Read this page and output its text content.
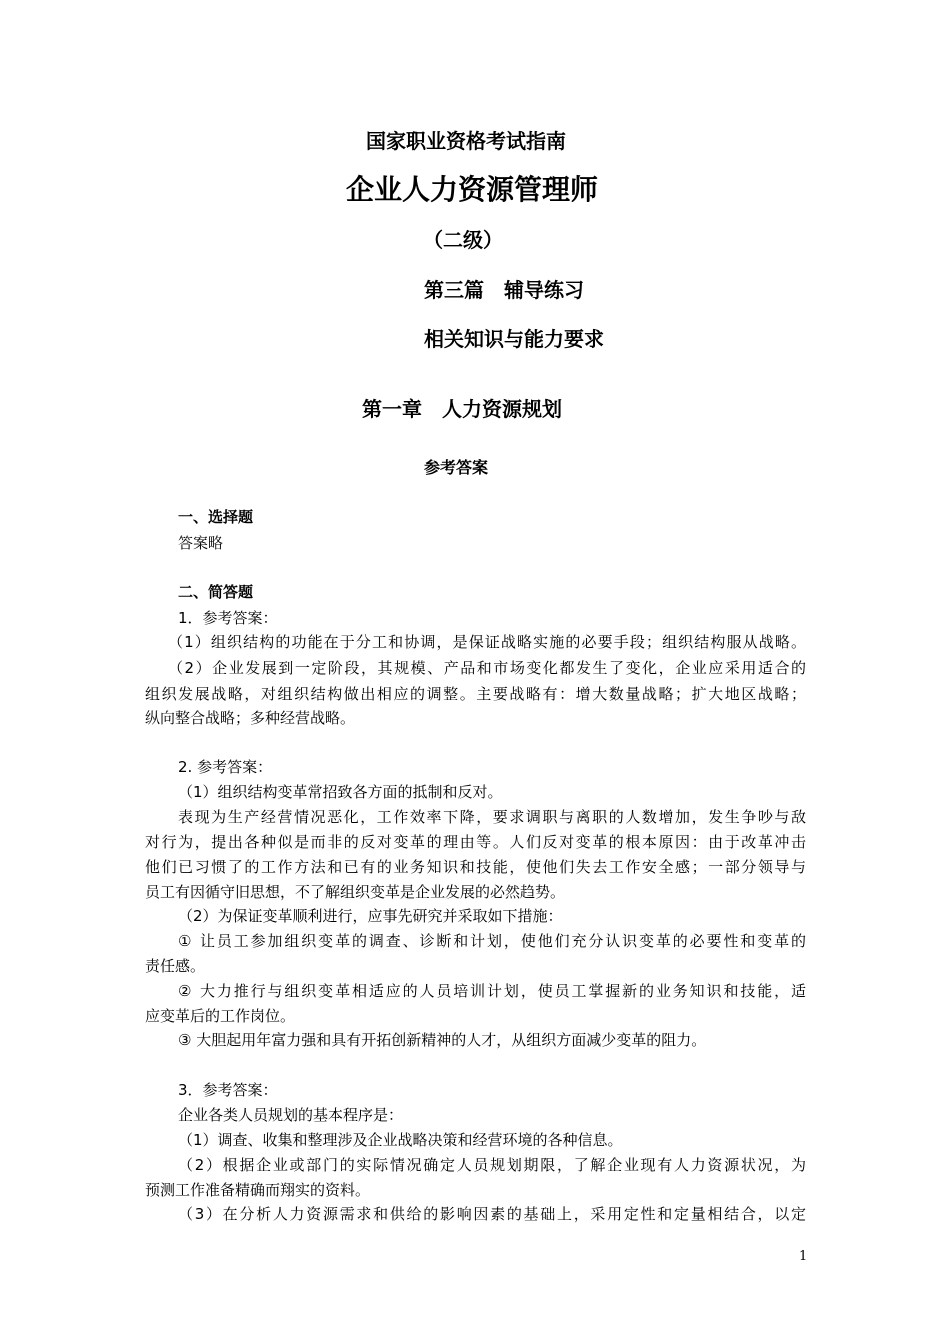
国家职业资格考试指南
企业人力资源管理师
（二级）
第三篇　辅导练习
相关知识与能力要求
第一章　人力资源规划
参考答案
一、选择题
答案略
二、简答题
1．参考答案：
（1）组织结构的功能在于分工和协调，是保证战略实施的必要手段；组织结构服从战略。
（2）企业发展到一定阶段，其规模、产品和市场变化都发生了变化，企业应采用适合的
组织发展战略，对组织结构做出相应的调整。主要战略有：增大数量战略；扩大地区战略；
纵向整合战略；多种经营战略。
2. 参考答案：
（1）组织结构变革常招致各方面的抵制和反对。
表现为生产经营情况恶化，工作效率下降，要求调职与离职的人数增加，发生争吵与敌
对行为，提出各种似是而非的反对变革的理由等。人们反对变革的根本原因：由于改革冲击
他们已习惯了的工作方法和已有的业务知识和技能，使他们失去工作安全感；一部分领导与
员工有因循守旧思想，不了解组织变革是企业发展的必然趋势。
（2）为保证变革顺利进行，应事先研究并采取如下措施：
① 让员工参加组织变革的调查、诊断和计划，使他们充分认识变革的必要性和变革的
责任感。
② 大力推行与组织变革相适应的人员培训计划，使员工掌握新的业务知识和技能，适
应变革后的工作岗位。
③ 大胆起用年富力强和具有开拓创新精神的人才，从组织方面减少变革的阻力。
3．参考答案：
企业各类人员规划的基本程序是：
（1）调查、收集和整理涉及企业战略决策和经营环境的各种信息。
（2）根据企业或部门的实际情况确定人员规划期限，了解企业现有人力资源状况，为
预测工作准备精确而翔实的资料。
（3）在分析人力资源需求和供给的影响因素的基础上，采用定性和定量相结合，以定
1
